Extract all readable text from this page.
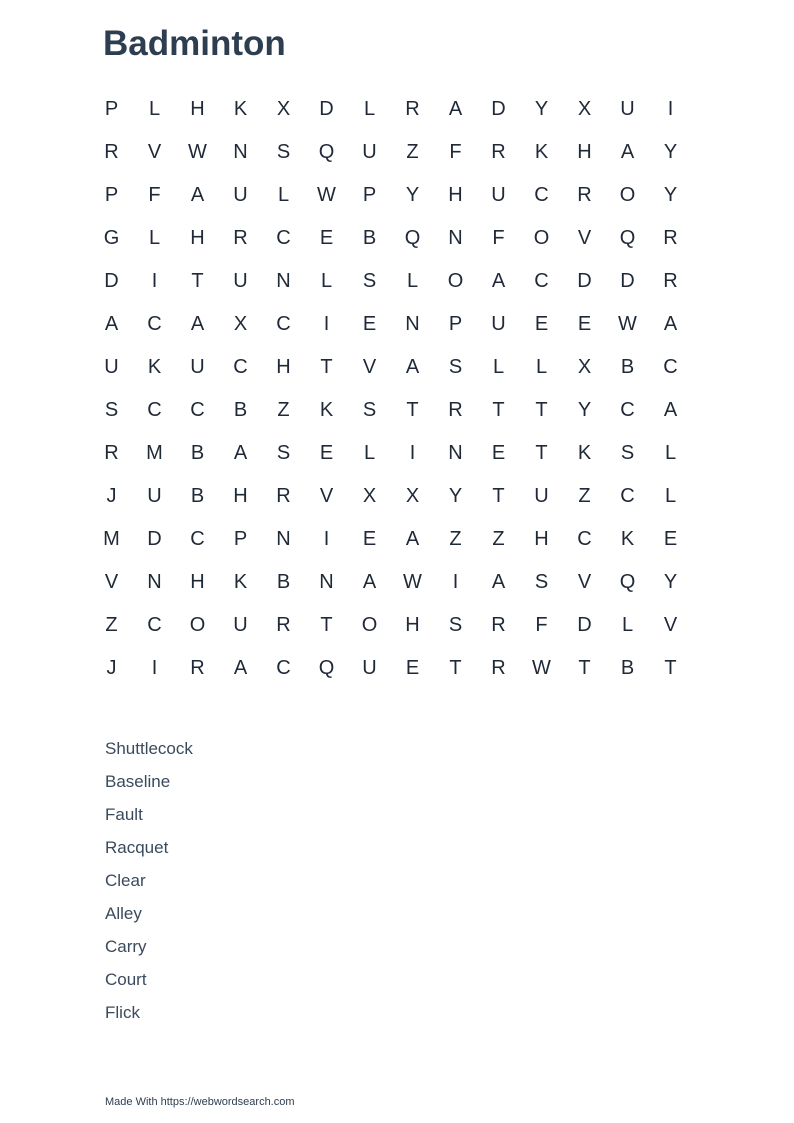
Badminton
P	L	H	K	X	D	L	R	A	D	Y	X	U	I
R	V	W	N	S	Q	U	Z	F	R	K	H	A	Y
P	F	A	U	L	W	P	Y	H	U	C	R	O	Y
G	L	H	R	C	E	B	Q	N	F	O	V	Q	R
D	I	T	U	N	L	S	L	O	A	C	D	D	R
A	C	A	X	C	I	E	N	P	U	E	E	W	A
U	K	U	C	H	T	V	A	S	L	L	X	B	C
S	C	C	B	Z	K	S	T	R	T	T	Y	C	A
R	M	B	A	S	E	L	I	N	E	T	K	S	L
J	U	B	H	R	V	X	X	Y	T	U	Z	C	L
M	D	C	P	N	I	E	A	Z	Z	H	C	K	E
V	N	H	K	B	N	A	W	I	A	S	V	Q	Y
Z	C	O	U	R	T	O	H	S	R	F	D	L	V
J	I	R	A	C	Q	U	E	T	R	W	T	B	T
Shuttlecock
Baseline
Fault
Racquet
Clear
Alley
Carry
Court
Flick
Made With https://webwordsearch.com
